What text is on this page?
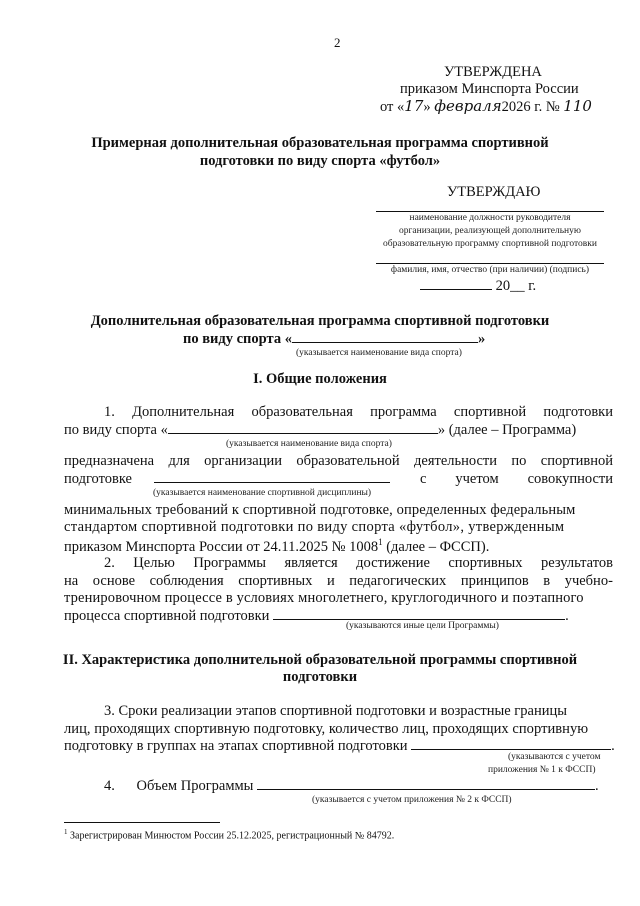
2
УТВЕРЖДЕНА
приказом Минспорта России
от «17» февраля2026 г. № 110
Примерная дополнительная образовательная программа спортивной
подготовки по виду спорта «футбол»
УТВЕРЖДАЮ
наименование должности руководителя
организации, реализующей дополнительную
образовательную программу спортивной подготовки
фамилия, имя, отчество (при наличии) (подпись)
20__ г.
Дополнительная образовательная программа спортивной подготовки
по виду спорта «	»
(указывается наименование вида спорта)
I. Общие положения
1. Дополнительная образовательная программа спортивной подготовки
по виду спорта «	» (далее – Программа)
(указывается наименование вида спорта)
предназначена для организации образовательной деятельности по спортивной
подготовке	с учетом совокупности
(указывается наименование спортивной дисциплины)
минимальных требований к спортивной подготовке, определенных федеральным
стандартом спортивной подготовки по виду спорта «футбол», утвержденным
приказом Минспорта России от 24.11.2025 № 1008$^1$ (далее – ФССП).
2. Целью Программы является достижение спортивных результатов
на основе соблюдения спортивных и педагогических принципов в учебно-
тренировочном процессе в условиях многолетнего, круглогодичного и поэтапного
процесса спортивной подготовки	.
(указываются иные цели Программы)
II. Характеристика дополнительной образовательной программы спортивной
подготовки
3. Сроки реализации этапов спортивной подготовки и возрастные границы
лиц, проходящих спортивную подготовку, количество лиц, проходящих спортивную
подготовку в группах на этапах спортивной подготовки	.
(указываются с учетом
приложения № 1 к ФССП)
4. Объем Программы	.
(указывается с учетом приложения № 2 к ФССП)
$^1$ Зарегистрирован Минюстом России 25.12.2025, регистрационный № 84792.
